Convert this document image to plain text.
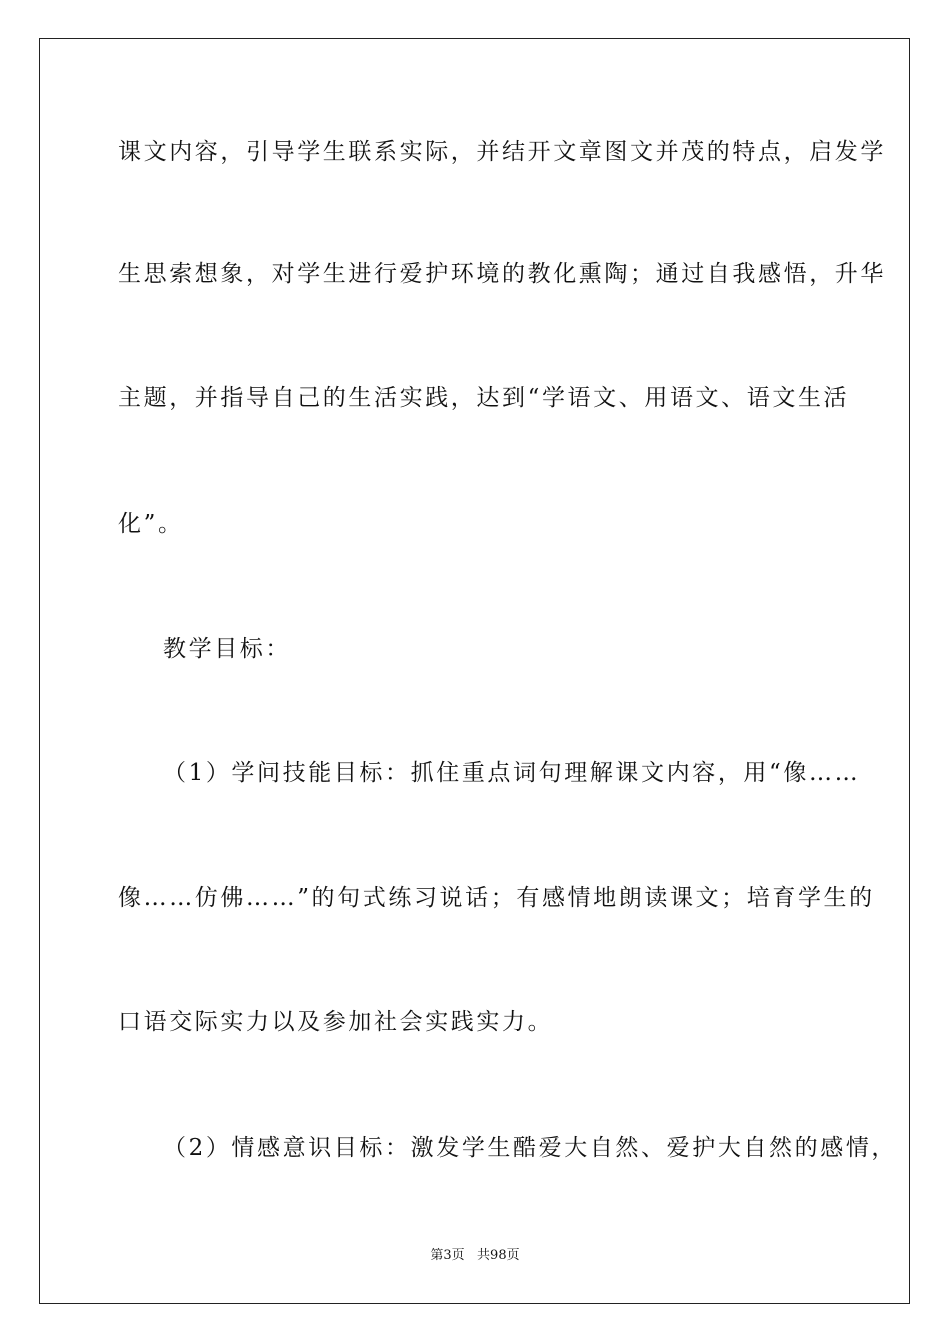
课文内容，引导学生联系实际，并结开文章图文并茂的特点，启发学
生思索想象，对学生进行爱护环境的教化熏陶；通过自我感悟，升华
主题，并指导自己的生活实践，达到“学语文、用语文、语文生活
化”。
教学目标：
（1）学问技能目标：抓住重点词句理解课文内容，用“像……
像……仿佛……”的句式练习说话；有感情地朗读课文；培育学生的
口语交际实力以及参加社会实践实力。
（2）情感意识目标：激发学生酷爱大自然、爱护大自然的感情，
第3页   共98页
